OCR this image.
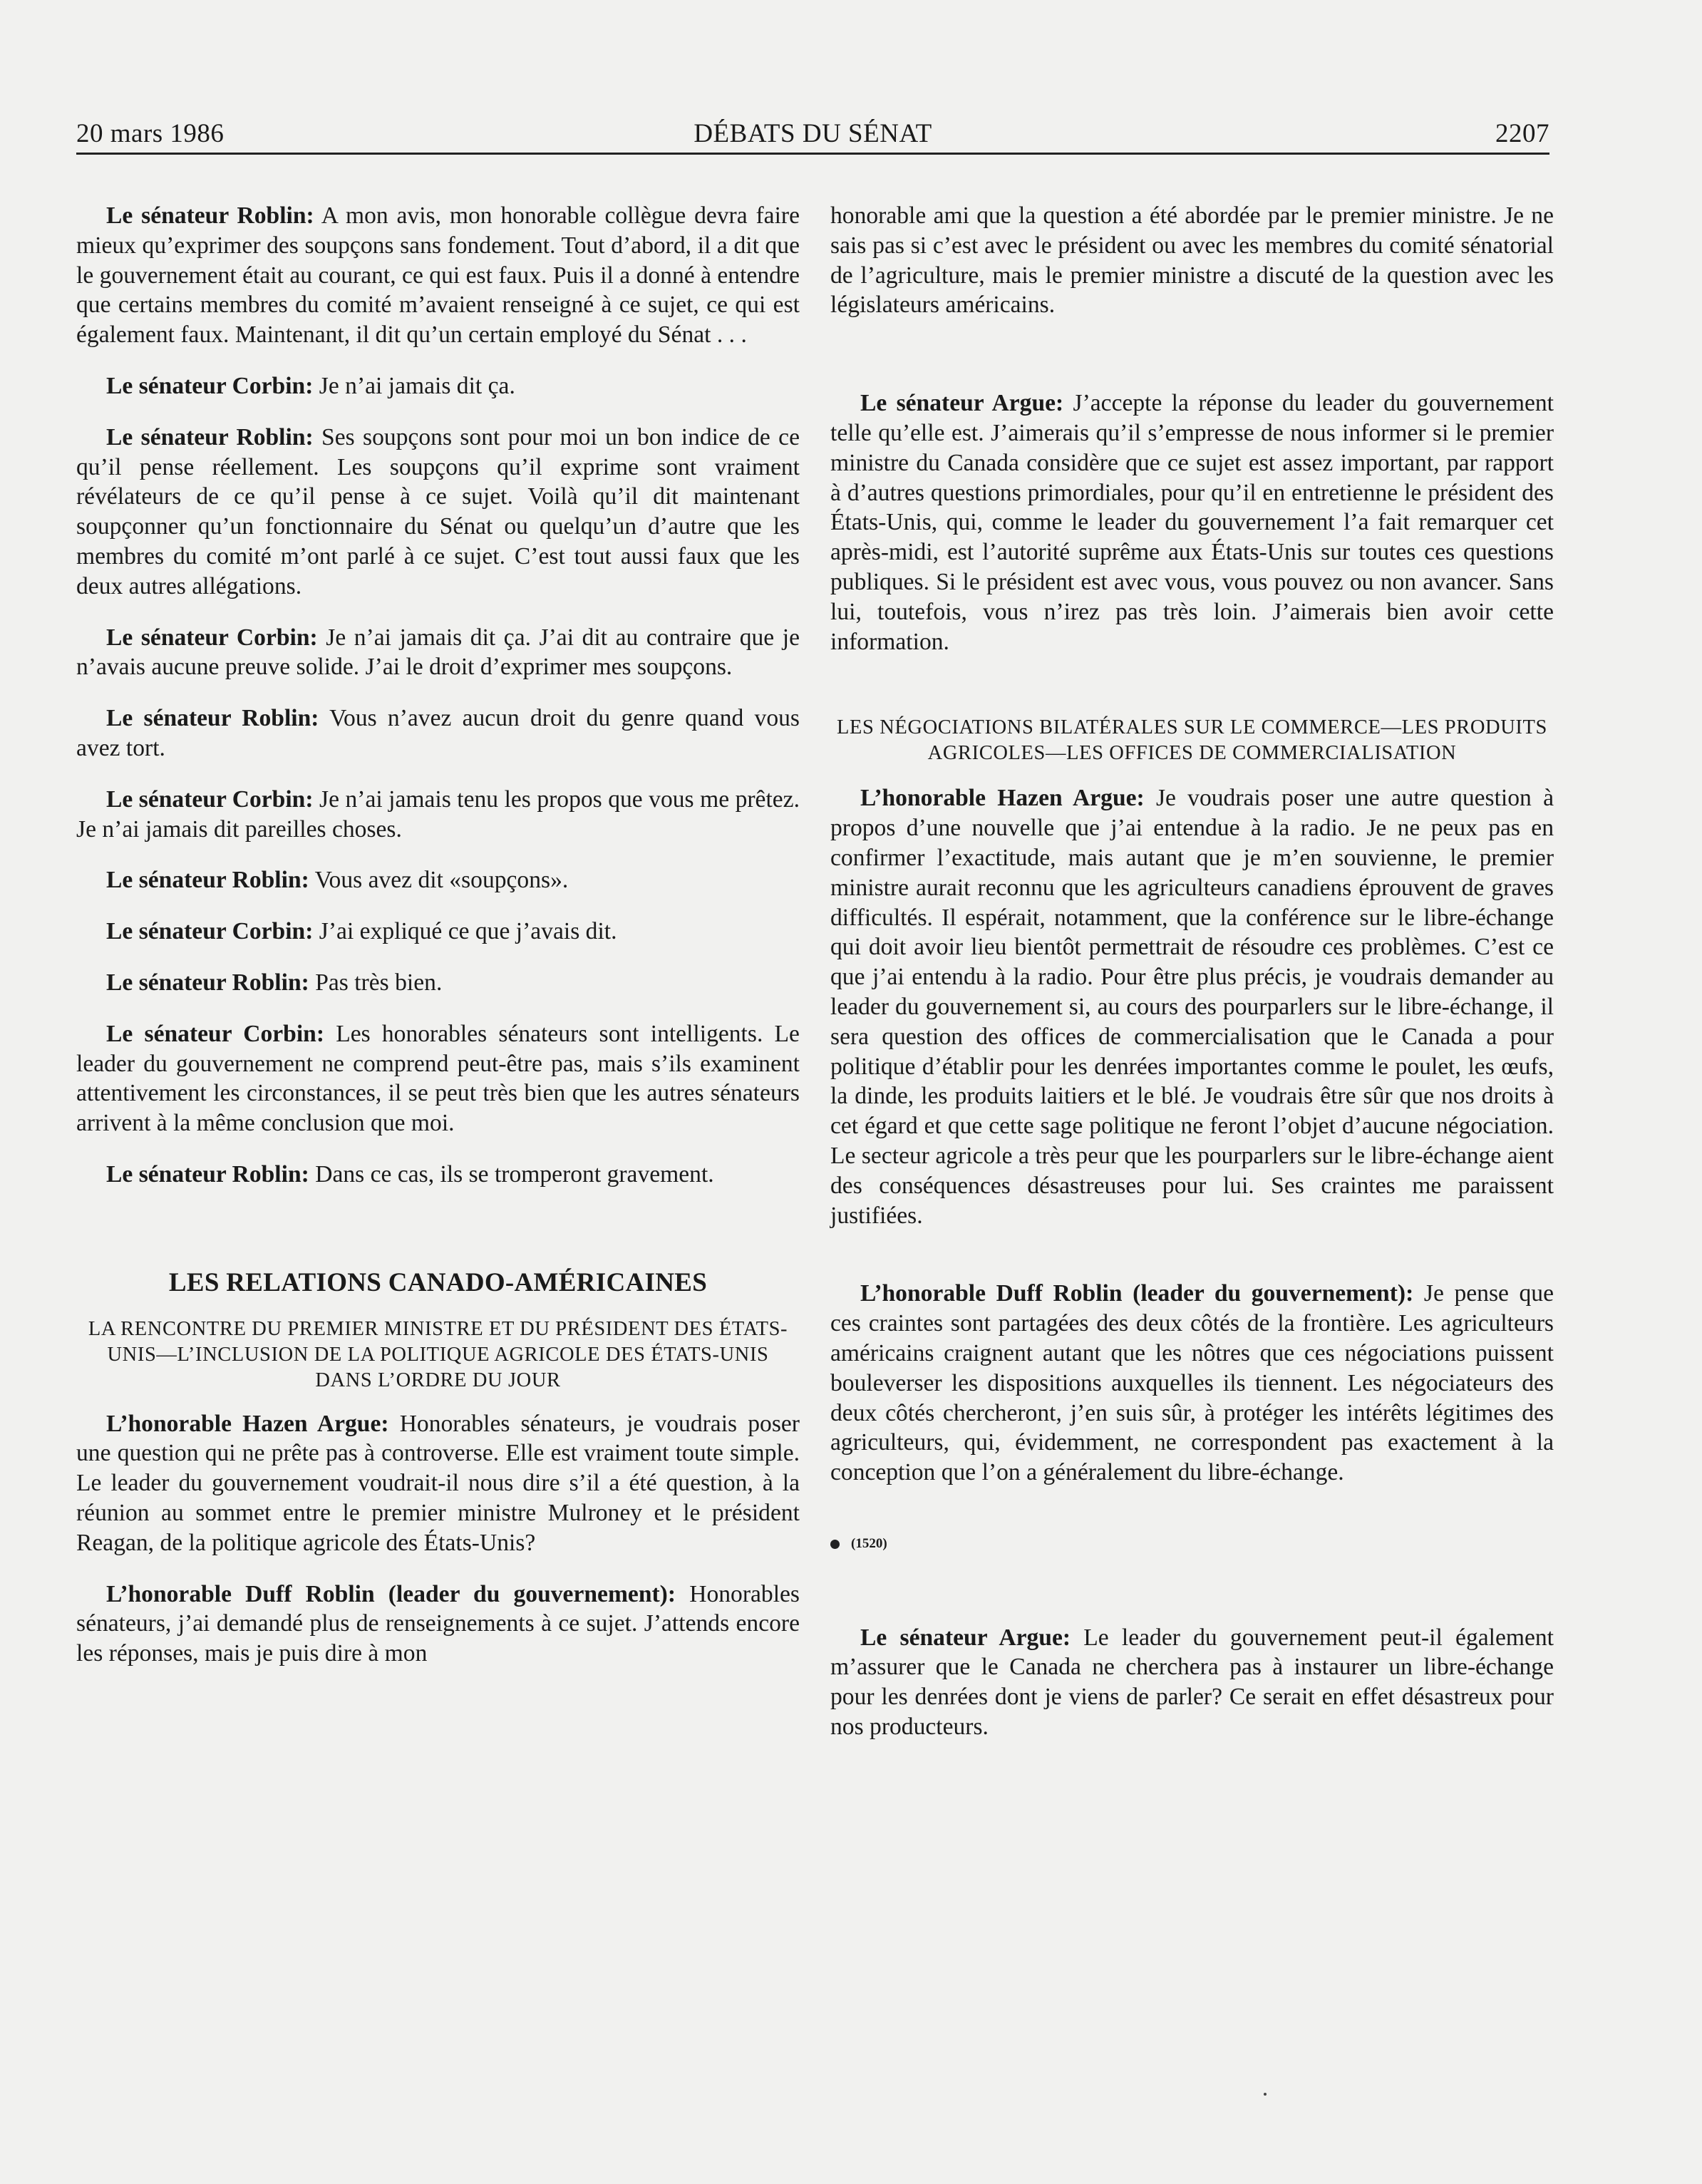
20 mars 1986	DÉBATS DU SÉNAT	2207

Le sénateur Roblin: A mon avis, mon honorable collègue devra faire mieux qu’exprimer des soupçons sans fondement. Tout d’abord, il a dit que le gouvernement était au courant, ce qui est faux. Puis il a donné à entendre que certains membres du comité m’avaient renseigné à ce sujet, ce qui est également faux. Maintenant, il dit qu’un certain employé du Sénat . . .

Le sénateur Corbin: Je n’ai jamais dit ça.

Le sénateur Roblin: Ses soupçons sont pour moi un bon indice de ce qu’il pense réellement. Les soupçons qu’il exprime sont vraiment révélateurs de ce qu’il pense à ce sujet. Voilà qu’il dit maintenant soupçonner qu’un fonctionnaire du Sénat ou quelqu’un d’autre que les membres du comité m’ont parlé à ce sujet. C’est tout aussi faux que les deux autres allégations.

Le sénateur Corbin: Je n’ai jamais dit ça. J’ai dit au contraire que je n’avais aucune preuve solide. J’ai le droit d’exprimer mes soupçons.

Le sénateur Roblin: Vous n’avez aucun droit du genre quand vous avez tort.

Le sénateur Corbin: Je n’ai jamais tenu les propos que vous me prêtez. Je n’ai jamais dit pareilles choses.

Le sénateur Roblin: Vous avez dit «soupçons».

Le sénateur Corbin: J’ai expliqué ce que j’avais dit.

Le sénateur Roblin: Pas très bien.

Le sénateur Corbin: Les honorables sénateurs sont intelligents. Le leader du gouvernement ne comprend peut-être pas, mais s’ils examinent attentivement les circonstances, il se peut très bien que les autres sénateurs arrivent à la même conclusion que moi.

Le sénateur Roblin: Dans ce cas, ils se tromperont gravement.

LES RELATIONS CANADO-AMÉRICAINES
LA RENCONTRE DU PREMIER MINISTRE ET DU PRÉSIDENT DES ÉTATS-UNIS—L’INCLUSION DE LA POLITIQUE AGRICOLE DES ÉTATS-UNIS DANS L’ORDRE DU JOUR

L’honorable Hazen Argue: Honorables sénateurs, je voudrais poser une question qui ne prête pas à controverse. Elle est vraiment toute simple. Le leader du gouvernement voudrait-il nous dire s’il a été question, à la réunion au sommet entre le premier ministre Mulroney et le président Reagan, de la politique agricole des États-Unis?

L’honorable Duff Roblin (leader du gouvernement): Honorables sénateurs, j’ai demandé plus de renseignements à ce sujet. J’attends encore les réponses, mais je puis dire à mon

honorable ami que la question a été abordée par le premier ministre. Je ne sais pas si c’est avec le président ou avec les membres du comité sénatorial de l’agriculture, mais le premier ministre a discuté de la question avec les législateurs américains.

Le sénateur Argue: J’accepte la réponse du leader du gouvernement telle qu’elle est. J’aimerais qu’il s’empresse de nous informer si le premier ministre du Canada considère que ce sujet est assez important, par rapport à d’autres questions primordiales, pour qu’il en entretienne le président des États-Unis, qui, comme le leader du gouvernement l’a fait remarquer cet après-midi, est l’autorité suprême aux États-Unis sur toutes ces questions publiques. Si le président est avec vous, vous pouvez ou non avancer. Sans lui, toutefois, vous n’irez pas très loin. J’aimerais bien avoir cette information.

LES NÉGOCIATIONS BILATÉRALES SUR LE COMMERCE—LES PRODUITS AGRICOLES—LES OFFICES DE COMMERCIALISATION

L’honorable Hazen Argue: Je voudrais poser une autre question à propos d’une nouvelle que j’ai entendue à la radio. Je ne peux pas en confirmer l’exactitude, mais autant que je m’en souvienne, le premier ministre aurait reconnu que les agriculteurs canadiens éprouvent de graves difficultés. Il espérait, notamment, que la conférence sur le libre-échange qui doit avoir lieu bientôt permettrait de résoudre ces problèmes. C’est ce que j’ai entendu à la radio. Pour être plus précis, je voudrais demander au leader du gouvernement si, au cours des pourparlers sur le libre-échange, il sera question des offices de commercialisation que le Canada a pour politique d’établir pour les denrées importantes comme le poulet, les œufs, la dinde, les produits laitiers et le blé. Je voudrais être sûr que nos droits à cet égard et que cette sage politique ne feront l’objet d’aucune négociation. Le secteur agricole a très peur que les pourparlers sur le libre-échange aient des conséquences désastreuses pour lui. Ses craintes me paraissent justifiées.

L’honorable Duff Roblin (leader du gouvernement): Je pense que ces craintes sont partagées des deux côtés de la frontière. Les agriculteurs américains craignent autant que les nôtres que ces négociations puissent bouleverser les dispositions auxquelles ils tiennent. Les négociateurs des deux côtés chercheront, j’en suis sûr, à protéger les intérêts légitimes des agriculteurs, qui, évidemment, ne correspondent pas exactement à la conception que l’on a généralement du libre-échange.

(1520)

Le sénateur Argue: Le leader du gouvernement peut-il également m’assurer que le Canada ne cherchera pas à instaurer un libre-échange pour les denrées dont je viens de parler? Ce serait en effet désastreux pour nos producteurs.
